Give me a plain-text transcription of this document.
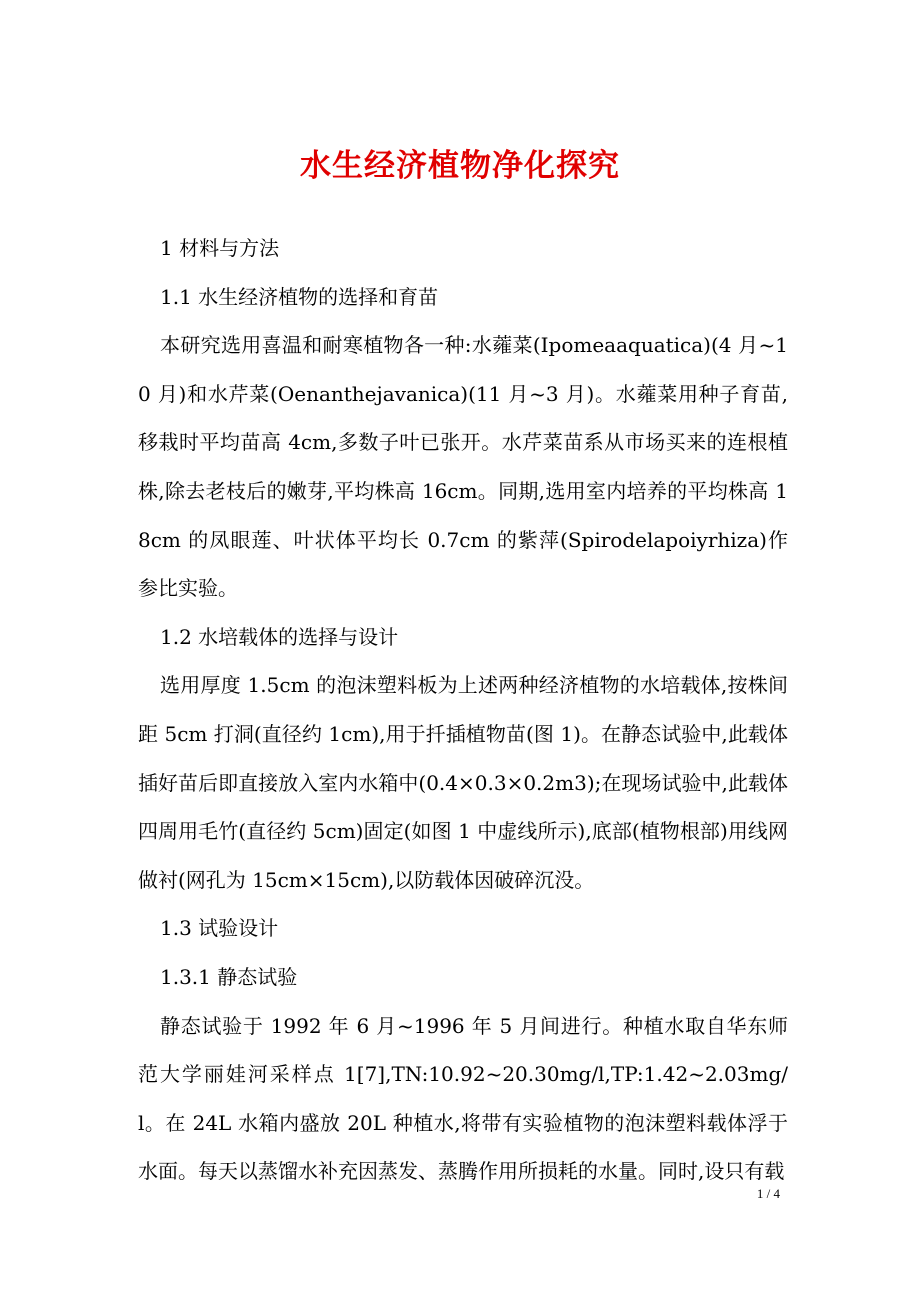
水生经济植物净化探究

1 材料与方法

1.1 水生经济植物的选择和育苗

本研究选用喜温和耐寒植物各一种:水蕹菜(Ipomeaaquatica)(4 月~10 月)和水芹菜(Oenanthejavanica)(11 月~3 月)。水蕹菜用种子育苗,移栽时平均苗高 4cm,多数子叶已张开。水芹菜苗系从市场买来的连根植株,除去老枝后的嫩芽,平均株高 16cm。同期,选用室内培养的平均株高 18cm 的凤眼莲、叶状体平均长 0.7cm 的紫萍(Spirodelapoiyrhiza)作参比实验。

1.2 水培载体的选择与设计

选用厚度 1.5cm 的泡沫塑料板为上述两种经济植物的水培载体,按株间距 5cm 打洞(直径约 1cm),用于扦插植物苗(图 1)。在静态试验中,此载体插好苗后即直接放入室内水箱中(0.4×0.3×0.2m3);在现场试验中,此载体四周用毛竹(直径约 5cm)固定(如图 1 中虚线所示),底部(植物根部)用线网做衬(网孔为 15cm×15cm),以防载体因破碎沉没。

1.3 试验设计

1.3.1 静态试验

静态试验于 1992 年 6 月~1996 年 5 月间进行。种植水取自华东师范大学丽娃河采样点 1[7],TN:10.92~20.30mg/l,TP:1.42~2.03mg/l。在 24L 水箱内盛放 20L 种植水,将带有实验植物的泡沫塑料载体浮于水面。每天以蒸馏水补充因蒸发、蒸腾作用所损耗的水量。同时,设只有载

1 / 4
